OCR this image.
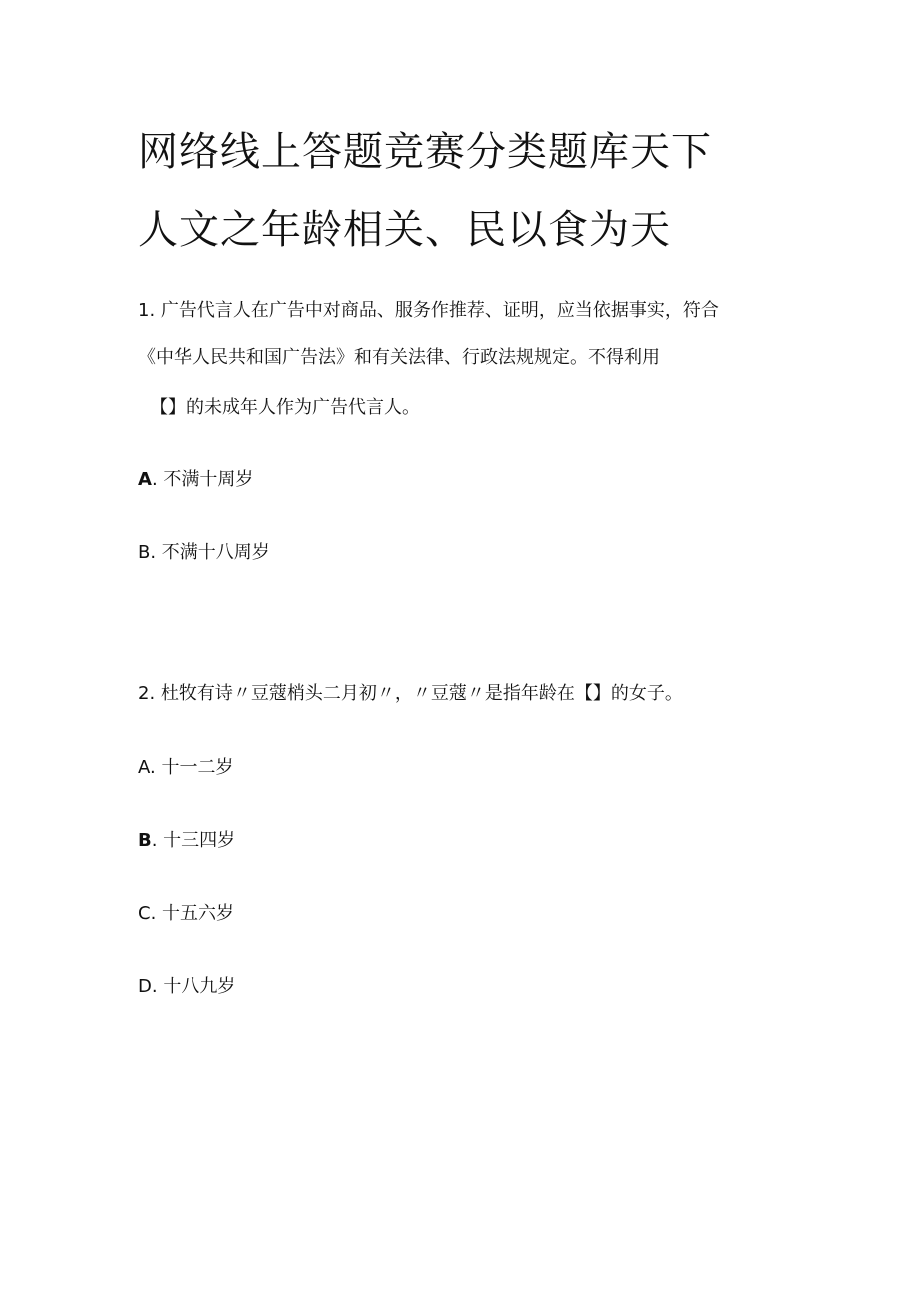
网络线上答题竞赛分类题库天下
人文之年龄相关、民以食为天
1. 广告代言人在广告中对商品、服务作推荐、证明，应当依据事实，符合
《中华人民共和国广告法》和有关法律、行政法规规定。不得利用
【】的未成年人作为广告代言人。
A. 不满十周岁
B. 不满十八周岁
2. 杜牧有诗〃豆蔻梢头二月初〃，〃豆蔻〃是指年龄在【】的女子。
A. 十一二岁
B. 十三四岁
C. 十五六岁
D. 十八九岁
